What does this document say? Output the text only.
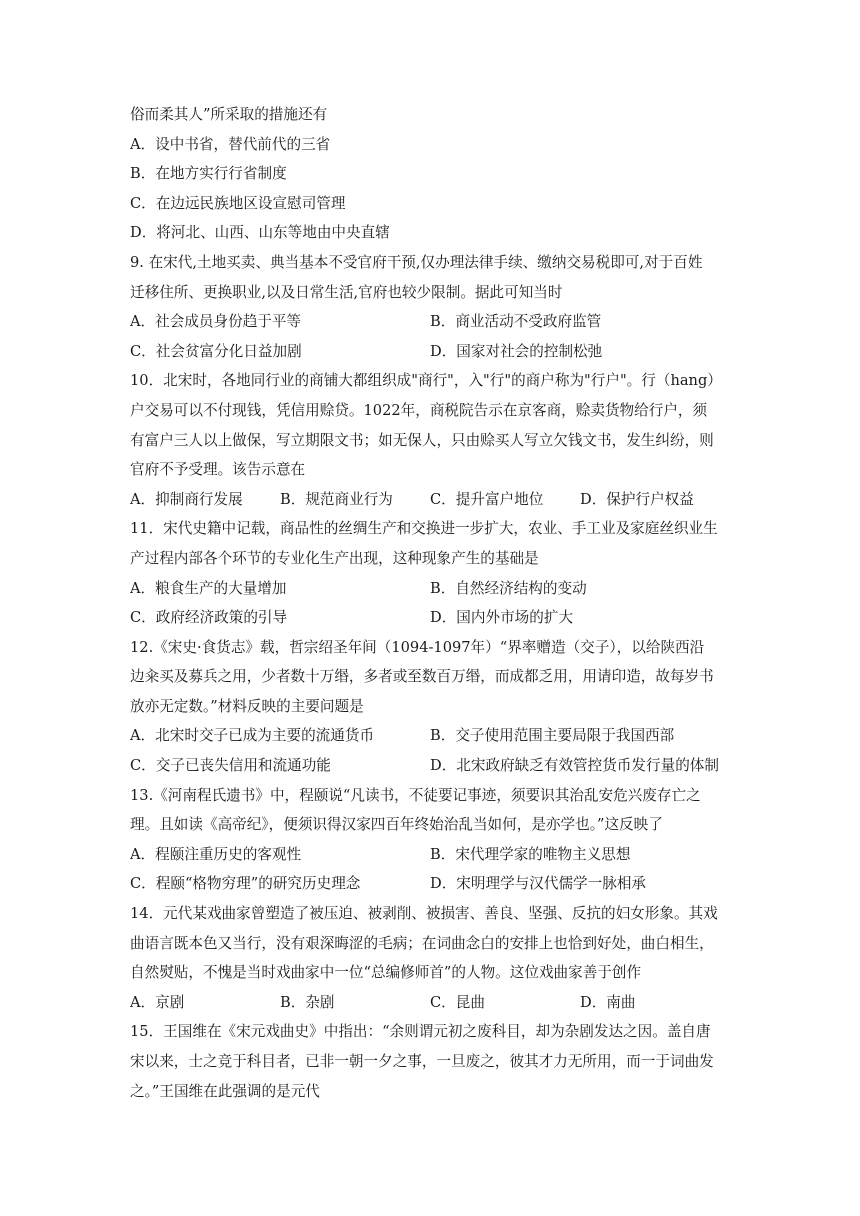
俗而柔其人”所采取的措施还有
A．设中书省，替代前代的三省
B．在地方实行行省制度
C．在边远民族地区设宣慰司管理
D．将河北、山西、山东等地由中央直辖
9. 在宋代,土地买卖、典当基本不受官府干预,仅办理法律手续、缴纳交易税即可,对于百姓
迁移住所、更换职业,以及日常生活,官府也较少限制。据此可知当时
A．社会成员身份趋于平等	B．商业活动不受政府监管
C．社会贫富分化日益加剧	D．国家对社会的控制松弛
10．北宋时，各地同行业的商铺大都组织成"商行"，入"行"的商户称为"行户"。行（hang）
户交易可以不付现钱，凭信用赊贷。1022年，商税院告示在京客商，赊卖货物给行户，须
有富户三人以上做保，写立期限文书；如无保人，只由赊买人写立欠钱文书，发生纠纷，则
官府不予受理。该告示意在
A．抑制商行发展	B．规范商业行为	C．提升富户地位	D．保护行户权益
11．宋代史籍中记载，商品性的丝绸生产和交换进一步扩大，农业、手工业及家庭丝织业生
产过程内部各个环节的专业化生产出现，这种现象产生的基础是
A．粮食生产的大量增加	B．自然经济结构的变动
C．政府经济政策的引导	D．国内外市场的扩大
12.《宋史·食货志》载，哲宗绍圣年间（1094-1097年）“界率赠造（交子），以给陕西沿
边籴买及募兵之用，少者数十万缗，多者或至数百万缗，而成都乏用，用请印造，故每岁书
放亦无定数。”材料反映的主要问题是
A．北宋时交子已成为主要的流通货币	B．交子使用范围主要局限于我国西部
C．交子已丧失信用和流通功能	D．北宋政府缺乏有效管控货币发行量的体制
13.《河南程氏遗书》中，程颐说“凡读书，不徒要记事迹，须要识其治乱安危兴废存亡之
理。且如读《高帝纪》，便须识得汉家四百年终始治乱当如何，是亦学也。”这反映了
A．程颐注重历史的客观性	B．宋代理学家的唯物主义思想
C．程颐“格物穷理”的研究历史理念	D．宋明理学与汉代儒学一脉相承
14．元代某戏曲家曾塑造了被压迫、被剥削、被损害、善良、坚强、反抗的妇女形象。其戏
曲语言既本色又当行，没有艰深晦涩的毛病；在词曲念白的安排上也恰到好处，曲白相生，
自然熨贴，不愧是当时戏曲家中一位“总编修师首”的人物。这位戏曲家善于创作
A．京剧	B．杂剧	C．昆曲	D．南曲
15．王国维在《宋元戏曲史》中指出：“余则谓元初之废科目，却为杂剧发达之因。盖自唐
宋以来，士之竞于科目者，已非一朝一夕之事，一旦废之，彼其才力无所用，而一于词曲发
之。”王国维在此强调的是元代
